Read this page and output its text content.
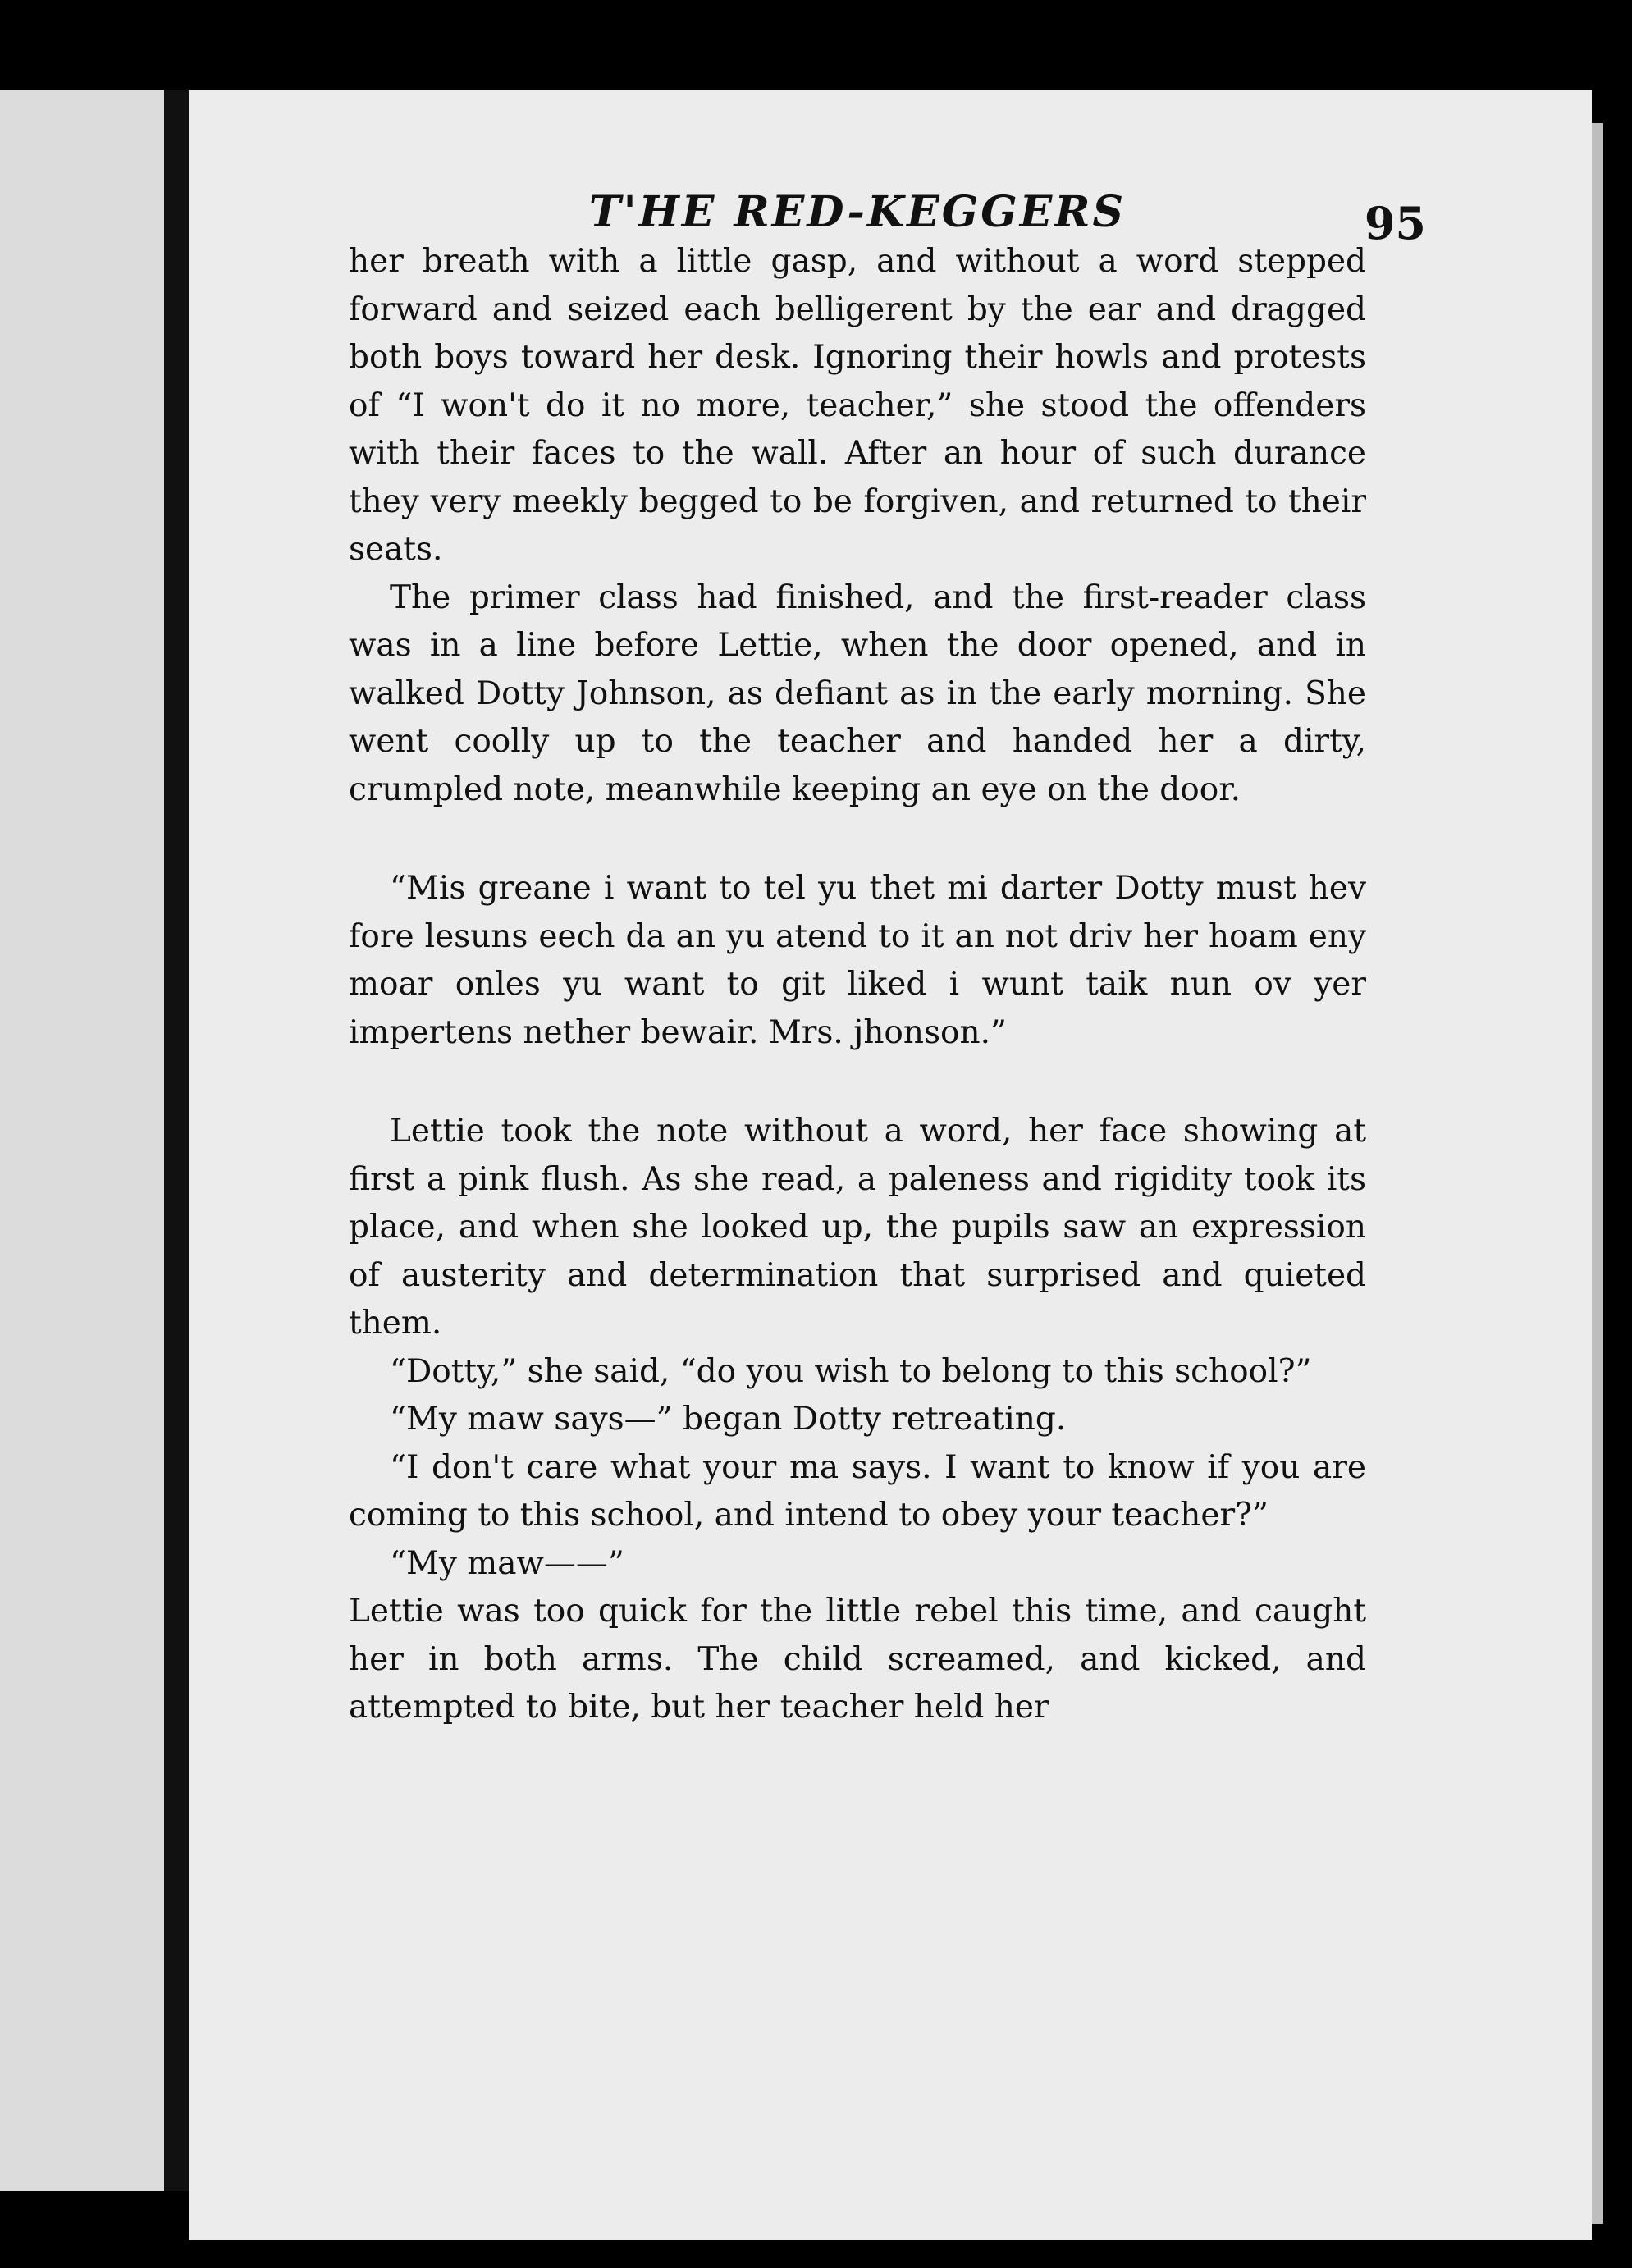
T'HE RED-KEGGERS	95

her breath with a little gasp, and without a word stepped forward and seized each belligerent by the ear and dragged both boys toward her desk. Ignoring their howls and protests of “I won't do it no more, teacher,” she stood the offenders with their faces to the wall. After an hour of such durance they very meekly begged to be forgiven, and returned to their seats.

The primer class had finished, and the first-reader class was in a line before Lettie, when the door opened, and in walked Dotty Johnson, as defiant as in the early morning. She went coolly up to the teacher and handed her a dirty, crumpled note, meanwhile keeping an eye on the door.

“Mis greane i want to tel yu thet mi darter Dotty must hev fore lesuns eech da an yu atend to it an not driv her hoam eny moar onles yu want to git liked i wunt taik nun ov yer impertens nether bewair. Mrs. jhonson.”

Lettie took the note without a word, her face showing at first a pink flush. As she read, a paleness and rigidity took its place, and when she looked up, the pupils saw an expression of austerity and determination that surprised and quieted them.

“Dotty,” she said, “do you wish to belong to this school?”

“My maw says—” began Dotty retreating.

“I don't care what your ma says. I want to know if you are coming to this school, and intend to obey your teacher?”

“My maw——”

Lettie was too quick for the little rebel this time, and caught her in both arms. The child screamed, and kicked, and attempted to bite, but her teacher held her
